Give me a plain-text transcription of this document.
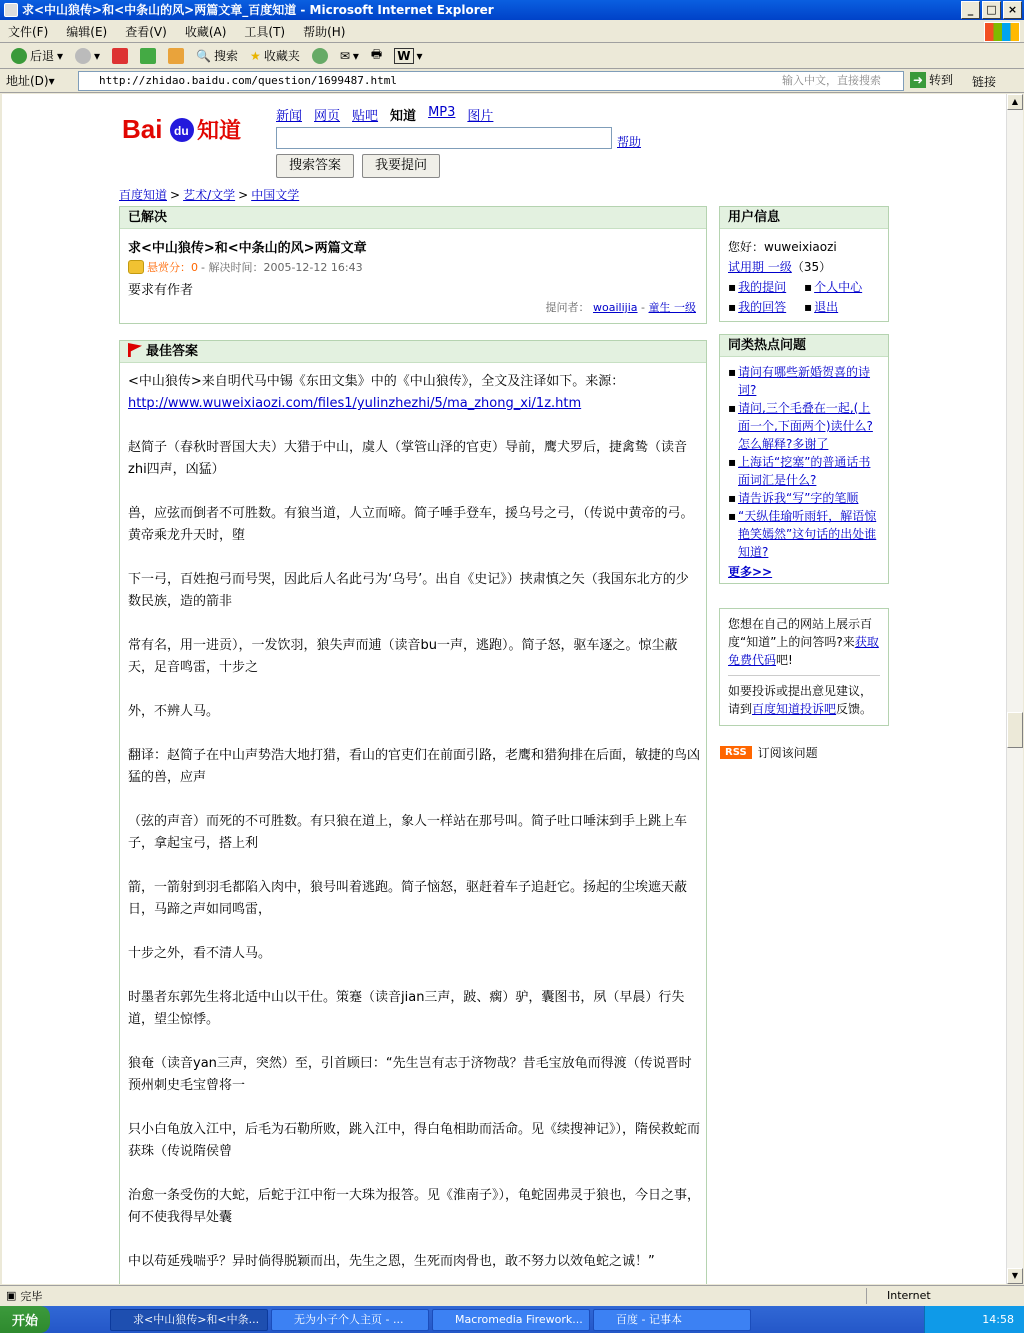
求<中山狼传>和<中条山的风>两篇文章_百度知道 - Microsoft Internet Explorer	_	□	×
文件(F) 编辑(E) 查看(V) 收藏(A) 工具(T) 帮助(H)
后退 ▾	▾	🔍 搜索 ★ 收藏夹	✉ ▾ 🖶 W ▾
地址(D) ▾	http://zhidao.baidu.com/question/1699487.html	输入中文，直接搜索	➜ 转到 链接
Bai du 知道
新闻 网页 贴吧 知道 MP3 图片
帮助
搜索答案	我要提问
百度知道 > 艺术/文学 > 中国文学
已解决
求<中山狼传>和<中条山的风>两篇文章
悬赏分：0 - 解决时间：2005-12-12 16:43
要求有作者
提问者： woailijia - 童生 一级
最佳答案
<中山狼传>来自明代马中锡《东田文集》中的《中山狼传》，全文及注译如下。来源：

http://www.wuweixiaozi.com/files1/yulinzhezhi/5/ma_zhong_xi/1z.htm

赵简子（春秋时晋国大夫）大猎于中山，虞人（掌管山泽的官吏）导前，鹰犬罗后，捷禽鸷（读音zhi四声，凶猛）

兽，应弦而倒者不可胜数。有狼当道，人立而啼。简子唾手登车，援乌号之弓，（传说中黄帝的弓。黄帝乘龙升天时，堕

下一弓，百姓抱弓而号哭，因此后人名此弓为‘乌号’。出自《史记》）挟肃慎之矢（我国东北方的少数民族，造的箭非

常有名，用一进贡），一发饮羽，狼失声而逋（读音bu一声，逃跑）。简子怒，驱车逐之。惊尘蔽天，足音鸣雷，十步之

外，不辨人马。

翻译：赵简子在中山声势浩大地打猎，看山的官吏们在前面引路，老鹰和猎狗排在后面，敏捷的鸟凶猛的兽，应声

（弦的声音）而死的不可胜数。有只狼在道上，象人一样站在那号叫。简子吐口唾沫到手上跳上车子，拿起宝弓，搭上利

箭，一箭射到羽毛都陷入肉中，狼号叫着逃跑。简子恼怒，驱赶着车子追赶它。扬起的尘埃遮天蔽日，马蹄之声如同鸣雷，

十步之外，看不清人马。

时墨者东郭先生将北适中山以干仕。策蹇（读音jian三声，跛、瘸）驴，囊图书，夙（早晨）行失道，望尘惊悸。

狼奄（读音yan三声，突然）至，引首顾曰：“先生岂有志于济物哉？昔毛宝放龟而得渡（传说晋时预州刺史毛宝曾将一

只小白龟放入江中，后毛为石勒所败，跳入江中，得白龟相助而活命。见《续搜神记》），隋侯救蛇而获珠（传说隋侯曾

治愈一条受伤的大蛇，后蛇于江中衔一大珠为报答。见《淮南子》），龟蛇固弗灵于狼也，今日之事，何不使我得早处囊

中以苟延残喘乎？异时倘得脱颖而出，先生之恩，生死而肉骨也，敢不努力以效龟蛇之诚！”

用户信息
您好：wuweixiaozi
试用期 一级（35）
▪ 我的提问	▪ 个人中心
▪ 我的回答	▪ 退出
同类热点问题
▪ 请问有哪些新婚贺喜的诗词?
▪ 请问,三个毛叠在一起,(上面一个,下面两个)读什么?怎么解释?多谢了
▪ 上海话“挖塞”的普通话书面词汇是什么?
▪ 请告诉我“写”字的笔顺
▪ “天纵佳瑜听雨轩，解语惊艳笑嫣然”这句话的出处谁知道?
更多>>
您想在自己的网站上展示百度“知道”上的问答吗?来获取免费代码吧!
如要投诉或提出意见建议，请到百度知道投诉吧反馈。
RSS 订阅该问题
▲
▼
▣ 完毕	Internet
开始	求<中山狼传>和<中条...	无为小子个人主页 - ...	Macromedia Firework...	百度 - 记事本	14:58
